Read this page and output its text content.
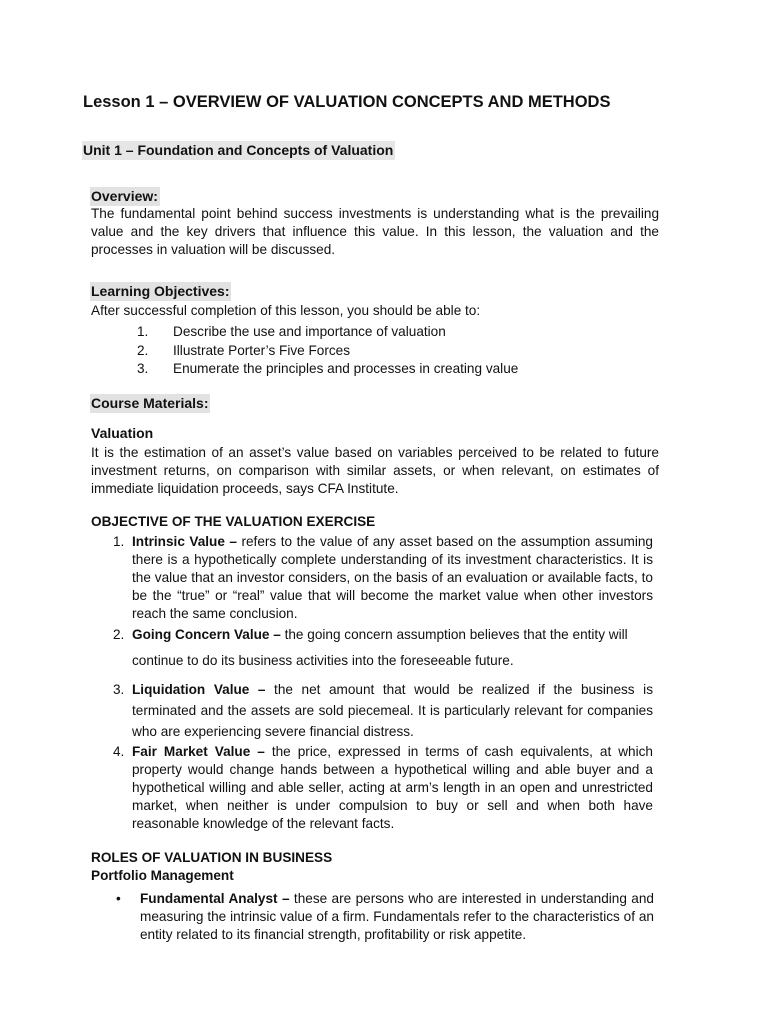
Lesson 1 – OVERVIEW OF VALUATION CONCEPTS AND METHODS
Unit 1 – Foundation and Concepts of Valuation
Overview:
The fundamental point behind success investments is understanding what is the prevailing value and the key drivers that influence this value. In this lesson, the valuation and the processes in valuation will be discussed.
Learning Objectives:
After successful completion of this lesson, you should be able to:
1. Describe the use and importance of valuation
2. Illustrate Porter’s Five Forces
3. Enumerate the principles and processes in creating value
Course Materials:
Valuation
It is the estimation of an asset’s value based on variables perceived to be related to future investment returns, on comparison with similar assets, or when relevant, on estimates of immediate liquidation proceeds, says CFA Institute.
OBJECTIVE OF THE VALUATION EXERCISE
1. Intrinsic Value – refers to the value of any asset based on the assumption assuming there is a hypothetically complete understanding of its investment characteristics. It is the value that an investor considers, on the basis of an evaluation or available facts, to be the “true” or “real” value that will become the market value when other investors reach the same conclusion.
2. Going Concern Value – the going concern assumption believes that the entity will
continue to do its business activities into the foreseeable future.
3. Liquidation Value – the net amount that would be realized if the business is terminated and the assets are sold piecemeal. It is particularly relevant for companies who are experiencing severe financial distress.
4. Fair Market Value – the price, expressed in terms of cash equivalents, at which property would change hands between a hypothetical willing and able buyer and a hypothetical willing and able seller, acting at arm’s length in an open and unrestricted market, when neither is under compulsion to buy or sell and when both have reasonable knowledge of the relevant facts.
ROLES OF VALUATION IN BUSINESS
Portfolio Management
• Fundamental Analyst – these are persons who are interested in understanding and measuring the intrinsic value of a firm. Fundamentals refer to the characteristics of an entity related to its financial strength, profitability or risk appetite.
